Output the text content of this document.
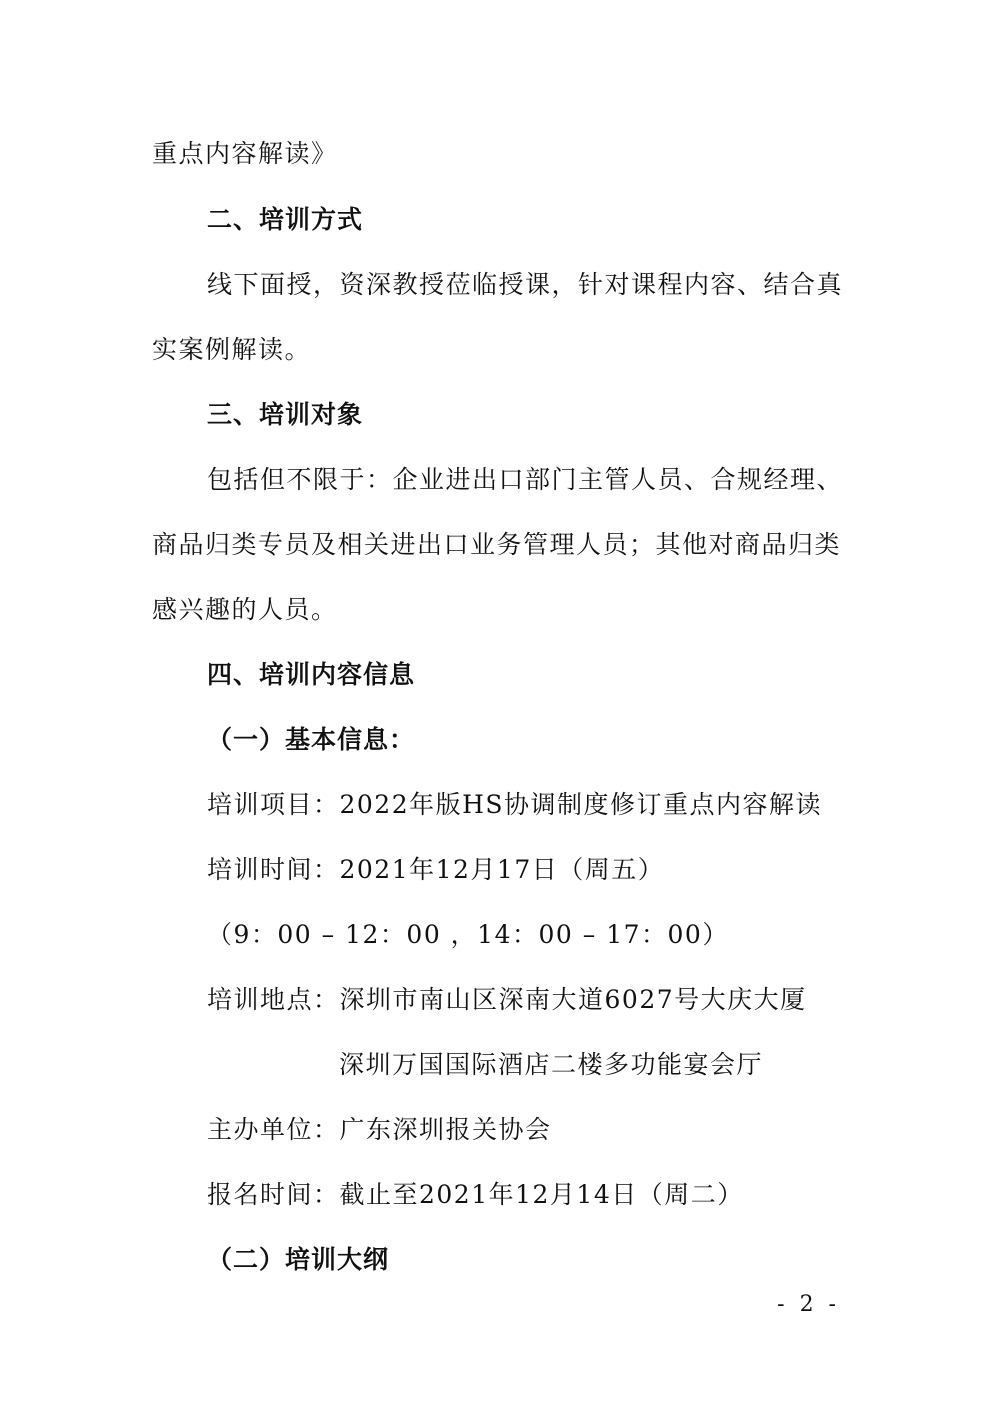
重点内容解读》
二、培训方式
线下面授，资深教授莅临授课，针对课程内容、结合真
实案例解读。
三、培训对象
包括但不限于：企业进出口部门主管人员、合规经理、
商品归类专员及相关进出口业务管理人员；其他对商品归类
感兴趣的人员。
四、培训内容信息
（一）基本信息：
培训项目：2022年版HS协调制度修订重点内容解读
培训时间：2021年12月17日（周五）
（9：00 – 12：00 ，14：00 – 17：00）
培训地点：深圳市南山区深南大道6027号大庆大厦
深圳万国国际酒店二楼多功能宴会厅
主办单位：广东深圳报关协会
报名时间：截止至2021年12月14日（周二）
（二）培训大纲
- 2 -
